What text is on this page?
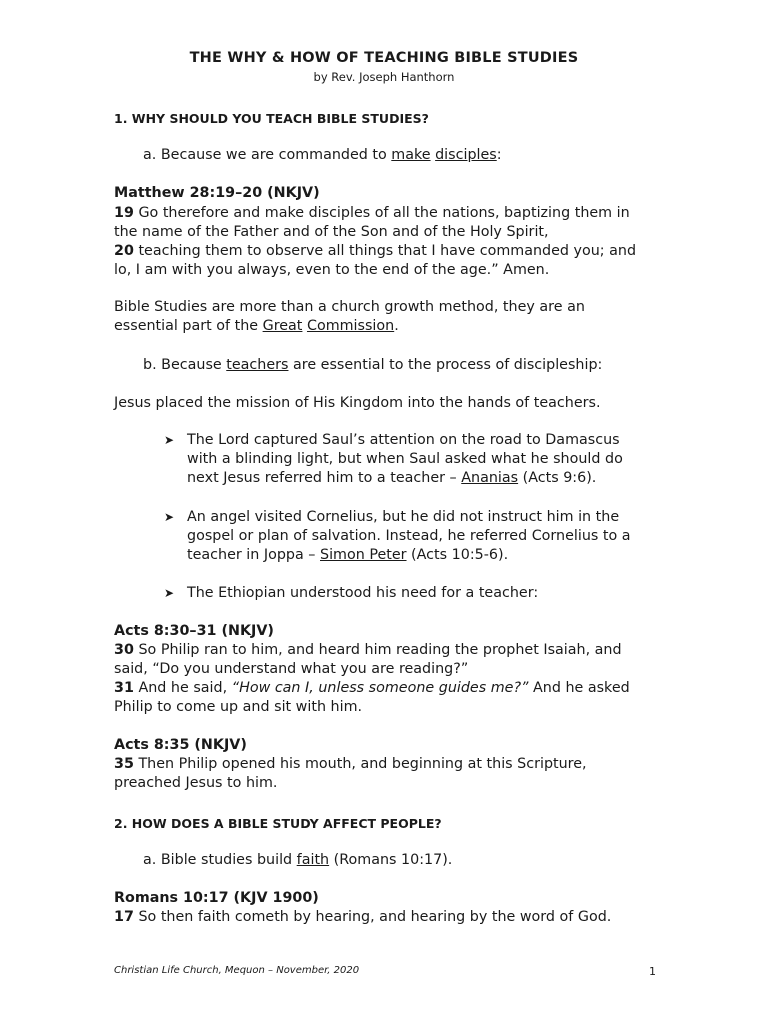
THE WHY & HOW OF TEACHING BIBLE STUDIES
by Rev. Joseph Hanthorn
1. WHY SHOULD YOU TEACH BIBLE STUDIES?
a. Because we are commanded to make disciples:
Matthew 28:19–20 (NKJV)
19 Go therefore and make disciples of all the nations, baptizing them in
the name of the Father and of the Son and of the Holy Spirit,
20 teaching them to observe all things that I have commanded you; and
lo, I am with you always, even to the end of the age.” Amen.
Bible Studies are more than a church growth method, they are an
essential part of the Great Commission.
b. Because teachers are essential to the process of discipleship:
Jesus placed the mission of His Kingdom into the hands of teachers.
➤ The Lord captured Saul’s attention on the road to Damascus
with a blinding light, but when Saul asked what he should do
next Jesus referred him to a teacher – Ananias (Acts 9:6).
➤ An angel visited Cornelius, but he did not instruct him in the
gospel or plan of salvation. Instead, he referred Cornelius to a
teacher in Joppa – Simon Peter (Acts 10:5-6).
➤ The Ethiopian understood his need for a teacher:
Acts 8:30–31 (NKJV)
30 So Philip ran to him, and heard him reading the prophet Isaiah, and
said, “Do you understand what you are reading?”
31 And he said, “How can I, unless someone guides me?” And he asked
Philip to come up and sit with him.
Acts 8:35 (NKJV)
35 Then Philip opened his mouth, and beginning at this Scripture,
preached Jesus to him.
2. HOW DOES A BIBLE STUDY AFFECT PEOPLE?
a. Bible studies build faith (Romans 10:17).
Romans 10:17 (KJV 1900)
17 So then faith cometh by hearing, and hearing by the word of God.
Christian Life Church, Mequon – November, 2020	1
